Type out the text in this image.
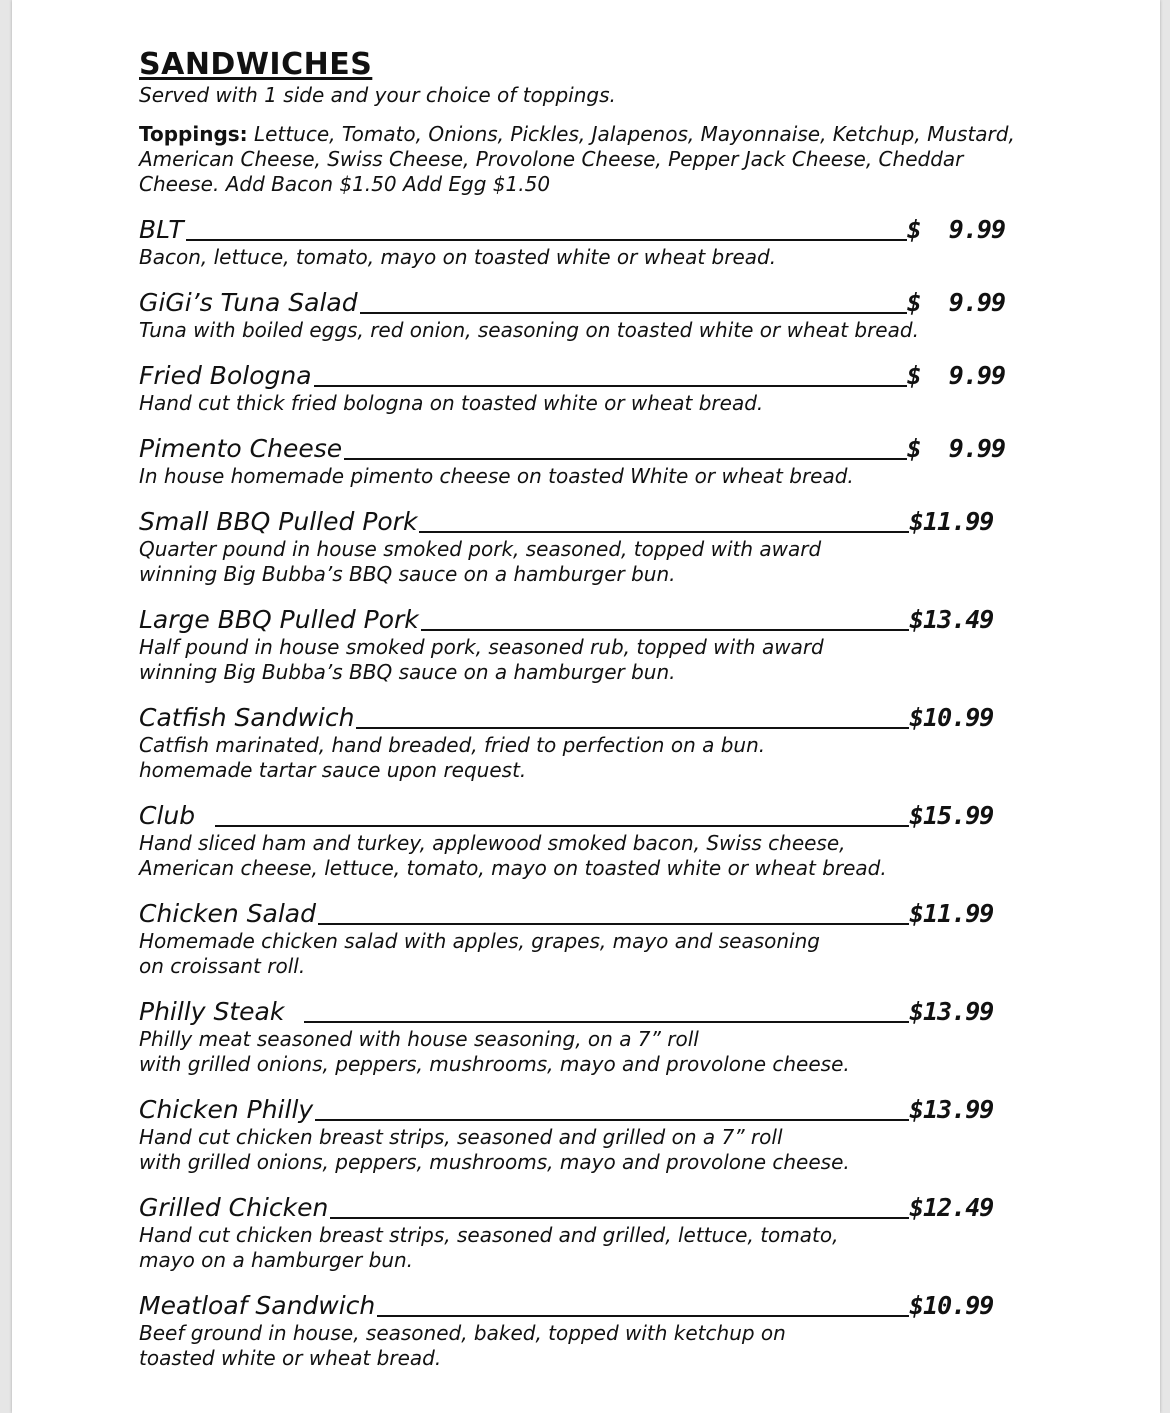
SANDWICHES

Served with 1 side and your choice of toppings.

Toppings: Lettuce, Tomato, Onions, Pickles, Jalapenos, Mayonnaise, Ketchup, Mustard, American Cheese, Swiss Cheese, Provolone Cheese, Pepper Jack Cheese, Cheddar Cheese. Add Bacon $1.50 Add Egg $1.50

BLT	$  9.99

Bacon, lettuce, tomato, mayo on toasted white or wheat bread.

GiGi’s Tuna Salad	$  9.99

Tuna with boiled eggs, red onion, seasoning on toasted white or wheat bread.

Fried Bologna	$  9.99

Hand cut thick fried bologna on toasted white or wheat bread.

Pimento Cheese	$  9.99

In house homemade pimento cheese on toasted White or wheat bread.

Small BBQ Pulled Pork	$11.99

Quarter pound in house smoked pork, seasoned, topped with award
winning Big Bubba’s BBQ sauce on a hamburger bun.

Large BBQ Pulled Pork	$13.49

Half pound in house smoked pork, seasoned rub, topped with award
winning Big Bubba’s BBQ sauce on a hamburger bun.

Catfish Sandwich	$10.99

Catfish marinated, hand breaded, fried to perfection on a bun.
homemade tartar sauce upon request.

Club	$15.99

Hand sliced ham and turkey, applewood smoked bacon, Swiss cheese,
American cheese, lettuce, tomato, mayo on toasted white or wheat bread.

Chicken Salad	$11.99

Homemade chicken salad with apples, grapes, mayo and seasoning
on croissant roll.

Philly Steak	$13.99

Philly meat seasoned with house seasoning, on a 7” roll
with grilled onions, peppers, mushrooms, mayo and provolone cheese.

Chicken Philly	$13.99

Hand cut chicken breast strips, seasoned and grilled on a 7” roll
with grilled onions, peppers, mushrooms, mayo and provolone cheese.

Grilled Chicken	$12.49

Hand cut chicken breast strips, seasoned and grilled, lettuce, tomato,
mayo on a hamburger bun.

Meatloaf Sandwich	$10.99

Beef ground in house, seasoned, baked, topped with ketchup on
toasted white or wheat bread.
